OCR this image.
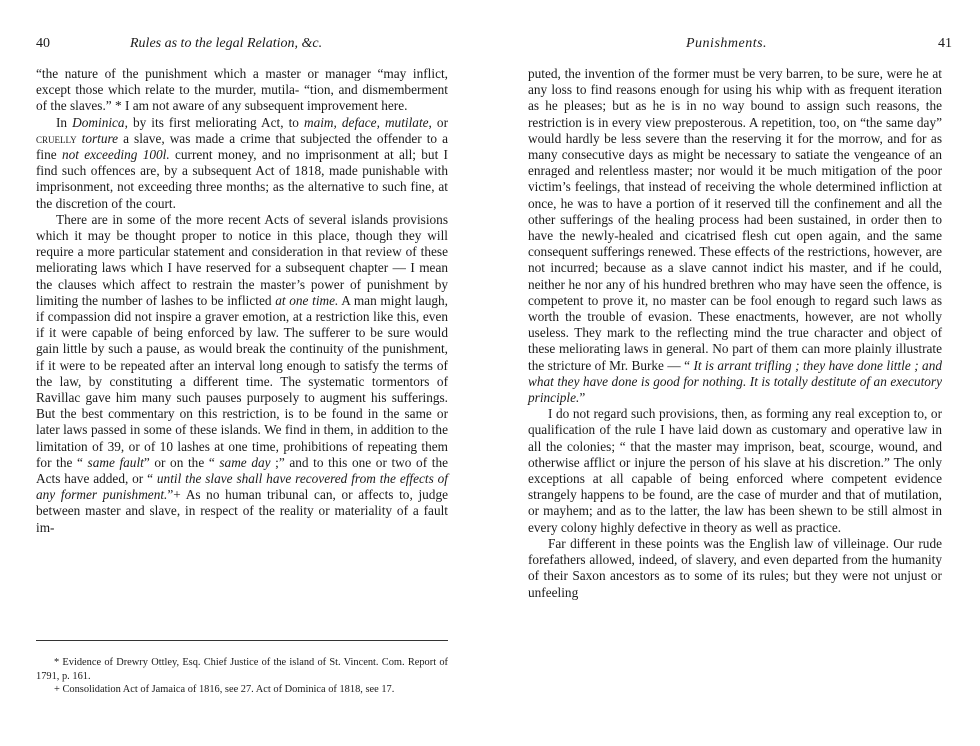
40	Rules as to the legal Relation, &c.

“the nature of the punishment which a master or manager “may inflict, except those which relate to the murder, mutila- “tion, and dismemberment of the slaves.” * I am not aware of any subsequent improvement here.

In Dominica, by its first meliorating Act, to maim, deface, mutilate, or cruelly torture a slave, was made a crime that subjected the offender to a fine not exceeding 100l. current money, and no imprisonment at all; but I find such offences are, by a subsequent Act of 1818, made punishable with imprisonment, not exceeding three months; as the alternative to such fine, at the discretion of the court.

There are in some of the more recent Acts of several islands provisions which it may be thought proper to notice in this place, though they will require a more particular statement and consideration in that review of these meliorating laws which I have reserved for a subsequent chapter — I mean the clauses which affect to restrain the master’s power of punishment by limiting the number of lashes to be inflicted at one time. A man might laugh, if compassion did not inspire a graver emotion, at a restriction like this, even if it were capable of being enforced by law. The sufferer to be sure would gain little by such a pause, as would break the continuity of the punishment, if it were to be repeated after an interval long enough to satisfy the terms of the law, by constituting a different time. The systematic tormentors of Ravillac gave him many such pauses purposely to augment his sufferings. But the best commentary on this restriction, is to be found in the same or later laws passed in some of these islands. We find in them, in addition to the limitation of 39, or of 10 lashes at one time, prohibitions of repeating them for the “ same fault” or on the “ same day ;” and to this one or two of the Acts have added, or “ until the slave shall have recovered from the effects of any former punishment.”+ As no human tribunal can, or affects to, judge between master and slave, in respect of the reality or materiality of a fault im-

* Evidence of Drewry Ottley, Esq. Chief Justice of the island of St. Vincent. Com. Report of 1791, p. 161.

+ Consolidation Act of Jamaica of 1816, see 27. Act of Dominica of 1818, see 17.

Punishments.	41

puted, the invention of the former must be very barren, to be sure, were he at any loss to find reasons enough for using his whip with as frequent iteration as he pleases; but as he is in no way bound to assign such reasons, the restriction is in every view preposterous. A repetition, too, on “the same day” would hardly be less severe than the reserving it for the morrow, and for as many consecutive days as might be necessary to satiate the vengeance of an enraged and relentless master; nor would it be much mitigation of the poor victim’s feelings, that instead of receiving the whole determined infliction at once, he was to have a portion of it reserved till the confinement and all the other sufferings of the healing process had been sustained, in order then to have the newly-healed and cicatrised flesh cut open again, and the same consequent sufferings renewed. These effects of the restrictions, however, are not incurred; because as a slave cannot indict his master, and if he could, neither he nor any of his hundred brethren who may have seen the offence, is competent to prove it, no master can be fool enough to regard such laws as worth the trouble of evasion. These enactments, however, are not wholly useless. They mark to the reflecting mind the true character and object of these meliorating laws in general. No part of them can more plainly illustrate the stricture of Mr. Burke — “ It is arrant trifling ; they have done little ; and what they have done is good for nothing. It is totally destitute of an executory principle.”

I do not regard such provisions, then, as forming any real exception to, or qualification of the rule I have laid down as customary and operative law in all the colonies; “ that the master may imprison, beat, scourge, wound, and otherwise afflict or injure the person of his slave at his discretion.” The only exceptions at all capable of being enforced where competent evidence strangely happens to be found, are the case of murder and that of mutilation, or mayhem; and as to the latter, the law has been shewn to be still almost in every colony highly defective in theory as well as practice.

Far different in these points was the English law of villeinage. Our rude forefathers allowed, indeed, of slavery, and even departed from the humanity of their Saxon ancestors as to some of its rules; but they were not unjust or unfeeling
